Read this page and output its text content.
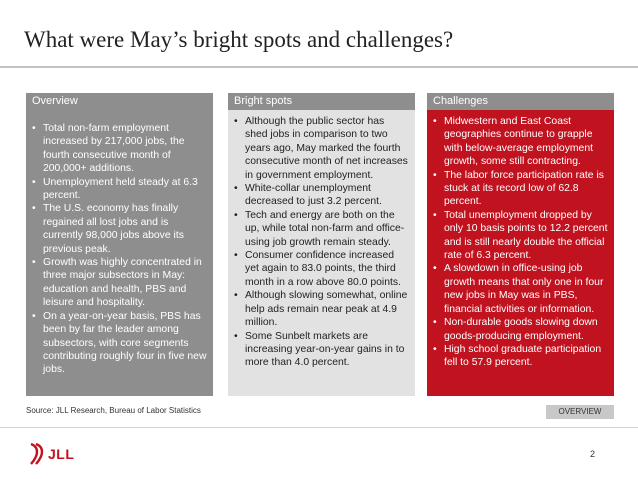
What were May’s bright spots and challenges?
Overview
• Total non-farm employment increased by 217,000 jobs, the fourth consecutive month of 200,000+ additions.
• Unemployment held steady at 6.3 percent.
• The U.S. economy has finally regained all lost jobs and is currently 98,000 jobs above its previous peak.
• Growth was highly concentrated in three major subsectors in May: education and health, PBS and leisure and hospitality.
• On a year-on-year basis, PBS has been by far the leader among subsectors, with core segments contributing roughly four in five new jobs.
Bright spots
• Although the public sector has shed jobs in comparison to two years ago, May marked the fourth consecutive month of net increases in government employment.
• White-collar unemployment decreased to just 3.2 percent.
• Tech and energy are both on the up, while total non-farm and office-using job growth remain steady.
• Consumer confidence increased yet again to 83.0 points, the third month in a row above 80.0 points.
• Although slowing somewhat, online help ads remain near peak at 4.9 million.
• Some Sunbelt markets are increasing year-on-year gains in to more than 4.0 percent.
Challenges
• Midwestern and East Coast geographies continue to grapple with below-average employment growth, some still contracting.
• The labor force participation rate is stuck at its record low of 62.8 percent.
• Total unemployment dropped by only 10 basis points to 12.2 percent and is still nearly double the official rate of 6.3 percent.
• A slowdown in office-using job growth means that only one in four new jobs in May was in PBS, financial activities or information.
• Non-durable goods slowing down goods-producing employment.
• High school graduate participation fell to 57.9 percent.
Source: JLL Research, Bureau of Labor Statistics	OVERVIEW
JLL	2
